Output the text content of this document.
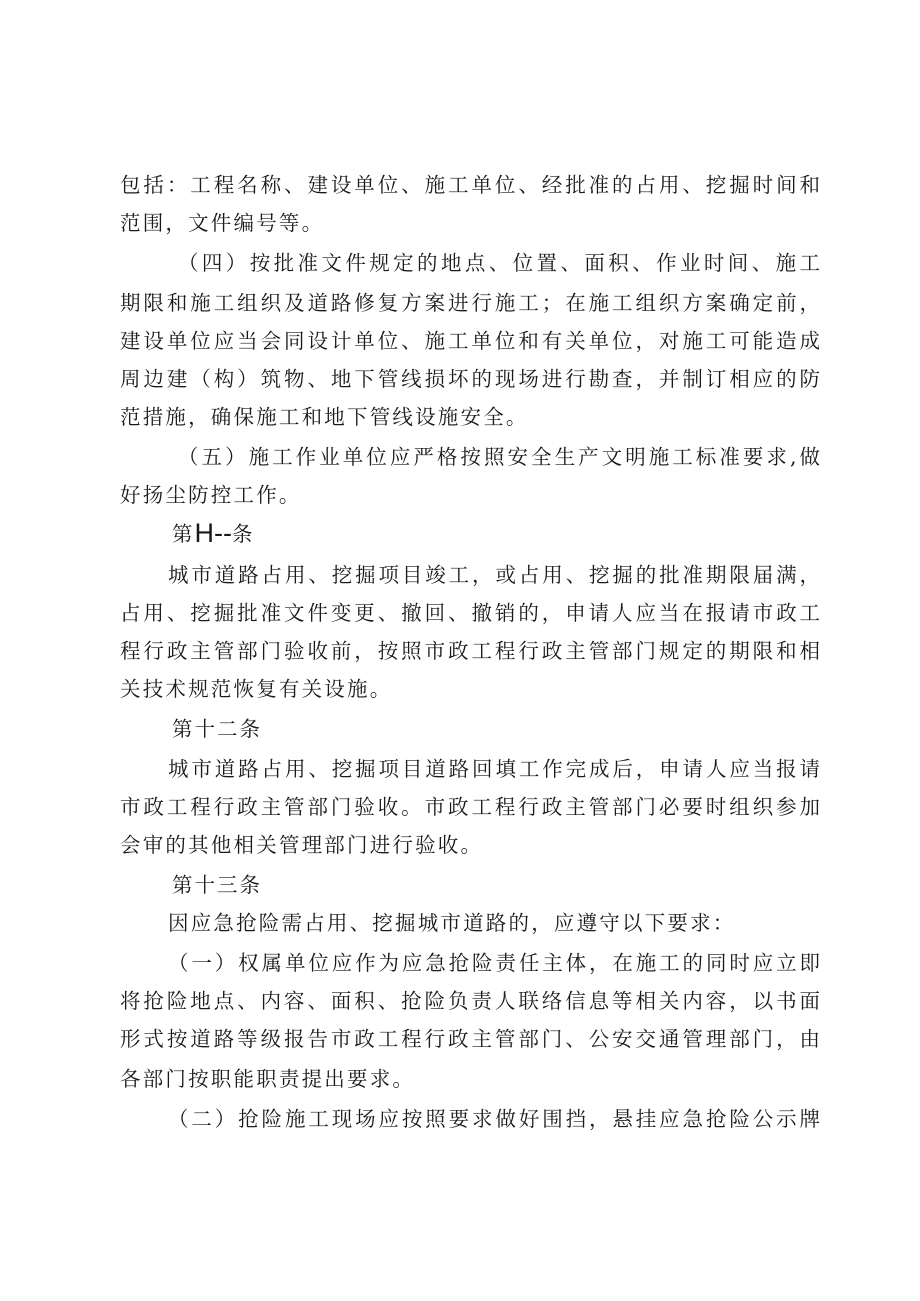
包括：工程名称、建设单位、施工单位、经批准的占用、挖掘时间和
范围，文件编号等。
（四）按批准文件规定的地点、位置、面积、作业时间、施工
期限和施工组织及道路修复方案进行施工；在施工组织方案确定前，
建设单位应当会同设计单位、施工单位和有关单位，对施工可能造成
周边建（构）筑物、地下管线损坏的现场进行勘查，并制订相应的防
范措施，确保施工和地下管线设施安全。
（五）施工作业单位应严格按照安全生产文明施工标准要求,做
好扬尘防控工作。
第H--条
城市道路占用、挖掘项目竣工，或占用、挖掘的批准期限届满，
占用、挖掘批准文件变更、撤回、撤销的，申请人应当在报请市政工
程行政主管部门验收前，按照市政工程行政主管部门规定的期限和相
关技术规范恢复有关设施。
第十二条
城市道路占用、挖掘项目道路回填工作完成后，申请人应当报请
市政工程行政主管部门验收。市政工程行政主管部门必要时组织参加
会审的其他相关管理部门进行验收。
第十三条
因应急抢险需占用、挖掘城市道路的，应遵守以下要求：
（一）权属单位应作为应急抢险责任主体，在施工的同时应立即
将抢险地点、内容、面积、抢险负责人联络信息等相关内容，以书面
形式按道路等级报告市政工程行政主管部门、公安交通管理部门，由
各部门按职能职责提出要求。
（二）抢险施工现场应按照要求做好围挡，悬挂应急抢险公示牌
